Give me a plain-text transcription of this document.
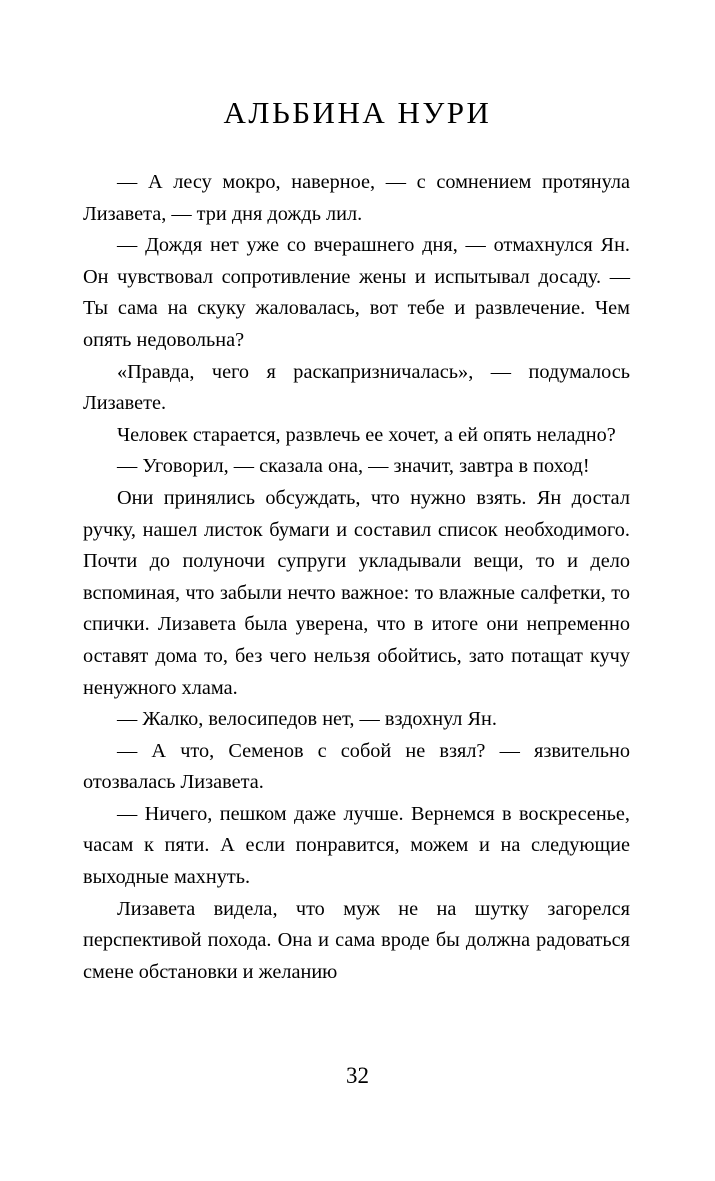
АЛЬБИНА НУРИ

— А лесу мокро, наверное, — с сомнением протянула Лизавета, — три дня дождь лил.

— Дождя нет уже со вчерашнего дня, — отмахнулся Ян. Он чувствовал сопротивление жены и испытывал досаду. — Ты сама на скуку жаловалась, вот тебе и развлечение. Чем опять недовольна?

«Правда, чего я раскапризничалась», — подумалось Лизавете.

Человек старается, развлечь ее хочет, а ей опять неладно?

— Уговорил, — сказала она, — значит, завтра в поход!

Они принялись обсуждать, что нужно взять. Ян достал ручку, нашел листок бумаги и составил список необходимого. Почти до полуночи супруги укладывали вещи, то и дело вспоминая, что забыли нечто важное: то влажные салфетки, то спички. Лизавета была уверена, что в итоге они непременно оставят дома то, без чего нельзя обойтись, зато потащат кучу ненужного хлама.

— Жалко, велосипедов нет, — вздохнул Ян.

— А что, Семенов с собой не взял? — язвительно отозвалась Лизавета.

— Ничего, пешком даже лучше. Вернемся в воскресенье, часам к пяти. А если понравится, можем и на следующие выходные махнуть.

Лизавета видела, что муж не на шутку загорелся перспективой похода. Она и сама вроде бы должна радоваться смене обстановки и желанию

32
